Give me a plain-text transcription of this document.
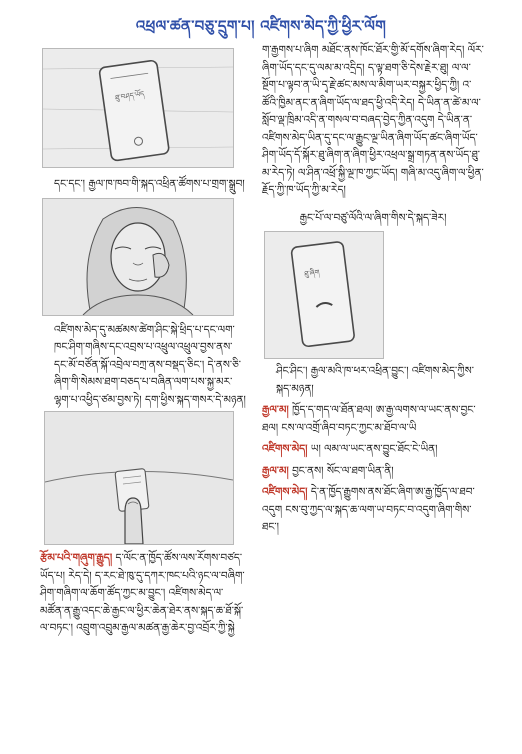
འཕྲལ་ཚན་བཅུ་དྲུག་པ། འཛིགས་མེད་ཀྱི་ཕྱིར་ལོག
ཐུ་བཤད་ཡོད

དང་དང་། རྒྱལ་ཁ་ཁབ་གི་སྐད་འཕྲིན་ཚོགས་པ་གྲག་སྒྲུབ།

འཛིགས་མེད་དུ་མཚམས་ཚེག་ཤིང་སྐེ་ཕྲིད་པ་དང་ལག་ཁང་ཤིག་གཞིས་དང་འབྲས་པ་འཕྲུལ་འཕྲུལ་བྱས་ནས་དང་མོ་བཙོན་སྐོ་འབྲེལ་བཀྲ་ནས་བསྡད་ཅིང་། དེ་ནས་ཅི་ཞིག་གི་སེམས་ཐག་བཅད་པ་བཞིན་ལག་པས་སྐྱ་མར་ལྷག་པ་འཕྱིད་ཙམ་བྱས་ཏེ། དག་ཕྱིས་སྐད་གསར་དེ་མཉན།

རྩོམ་པའི་གཞུག་རྒྱུད། ད་ལོང་ན་ཁྱོད་ཚོས་ལས་རོགས་བཙད་ཡོད་པ། རེད་དེ། ད་རང་ཐེ་ཁུ་དུ་དཀར་ཁང་པའི་ཉང་ལ་བཞིག་ཤིག་གཞིག་ལ་ཆོག་ཚོད་ཀྱང་མ་བྱུང་། འཛིགས་མེད་ལ་མཚོན་ན་རྒྱུ་འདང་ཆེ་རྒྱང་ལ་ཕྱིར་ཆེན་ཐེར་ནས་སྐད་ཆ་ཐོ་སྐོ་ལ་བཏང་། འབྲུག་འབྲུམ་རྒྱལ་མཚན་རྒྱ་ཆེར་བྱ་འབྲོར་ཀྱི་སྐྱེ

ག་རྒྱགས་པ་ཞིག མཐོང་ནས་ཁོང་ཐོར་གྱི་མོ་དགོས་ཞིག་རེད། ལོར་ཞིག་ཡོད་དང་དུ་ལམ་མ་འདྲིད། ད་ལྟ་ཐག་ཅི་དེས་རྗེར་ཐུ། ལ་ལ་སྔོག་པ་ལྟབ་ན་ཡི་དྭ་རྗེ་ཚང་མས་ལ་མིག་ཡར་བསྐྱར་ཕྱིད་ཀྱི། འ་ཚོའི་ཁྱིམ་ནང་ན་ཞིག་ཡོད་ལ་ཐད་ཕྱི་འདི་རེད། དེ་ཡིན་ན་ཚེ་མ་ལ་སློབ་ལྡ་ཁྲིམ་འདི་ན་གསལ་བ་བཞད་བྱེད་ཀྱིན་འདུག དེ་ཡིན་ན་འཛིགས་མེད་ཡིན་དུ་དང་ལ་རྒྱུང་ལྔ་ཡིན་ཞིག་ཡོད་ཚང་ཞིག་ཡོད་ཤིག་ཡོད་དོ་སྐོར་ཐུ་ཞིག་ན་ཞིག་ཕྱིར་འཕྲལ་སྒྲ་གཏན་ནས་ཡོད་ཐུ་མ་རེད་ཏེ། ལ་ཤིན་འཕྲོ་སྐྱི་ལྔ་ཁ་ཀྱང་ཡོད། གཞི་མ་འདུ་ཞིག་ལ་ཕྱིན་རྗོད་ཀྱི་ཁ་ཡོད་ཀྱི་མ་རེད།

རྒྱང་པོ་ལ་བཙུ་ལོའི་ལ་ཞིག་གིས་དེ་སྐད་ཟེར།

ཐུ་ཞིག

ཤིང་ཤིང་། རྒྱལ་མའི་ཁ་ཕར་འཕྲིན་བྱུང་། འཛིགས་མེད་ཀྱིས་སྐད་མཉན།

རྒྱལ་མ། ཁྱོད་ད་གད་ལ་ཐོན་ཐལ། ཨ་རྒྱ་ལགས་ལ་ཡང་ནས་བྱང་ཐལ། ངས་ལ་འགྲོ་ཞིབ་བཏང་ཀྱང་མ་ཐོབ་ལ་ཡི

འཛིགས་མེད། ཡ། ལམ་ལ་ཡང་ནས་བྱུང་ཐོང་ངེ་ཡིན།

རྒྱལ་མ། བྱང་ནས། སོང་ལ་ཐག་ཡིན་ནི།

འཛིགས་མེད། དེ་ན་ཁྱོད་རྒྱུགས་ནས་ཐོང་ཞིག་ཨ་རྒྱ་ཁྱོད་ལ་ཐབ་འདུག ངས་བུ་ཀྱད་ལ་སྐད་ཆ་ལག་ཡ་བཏང་བ་འདུག་ཞིག་གིས་ཐང་།
